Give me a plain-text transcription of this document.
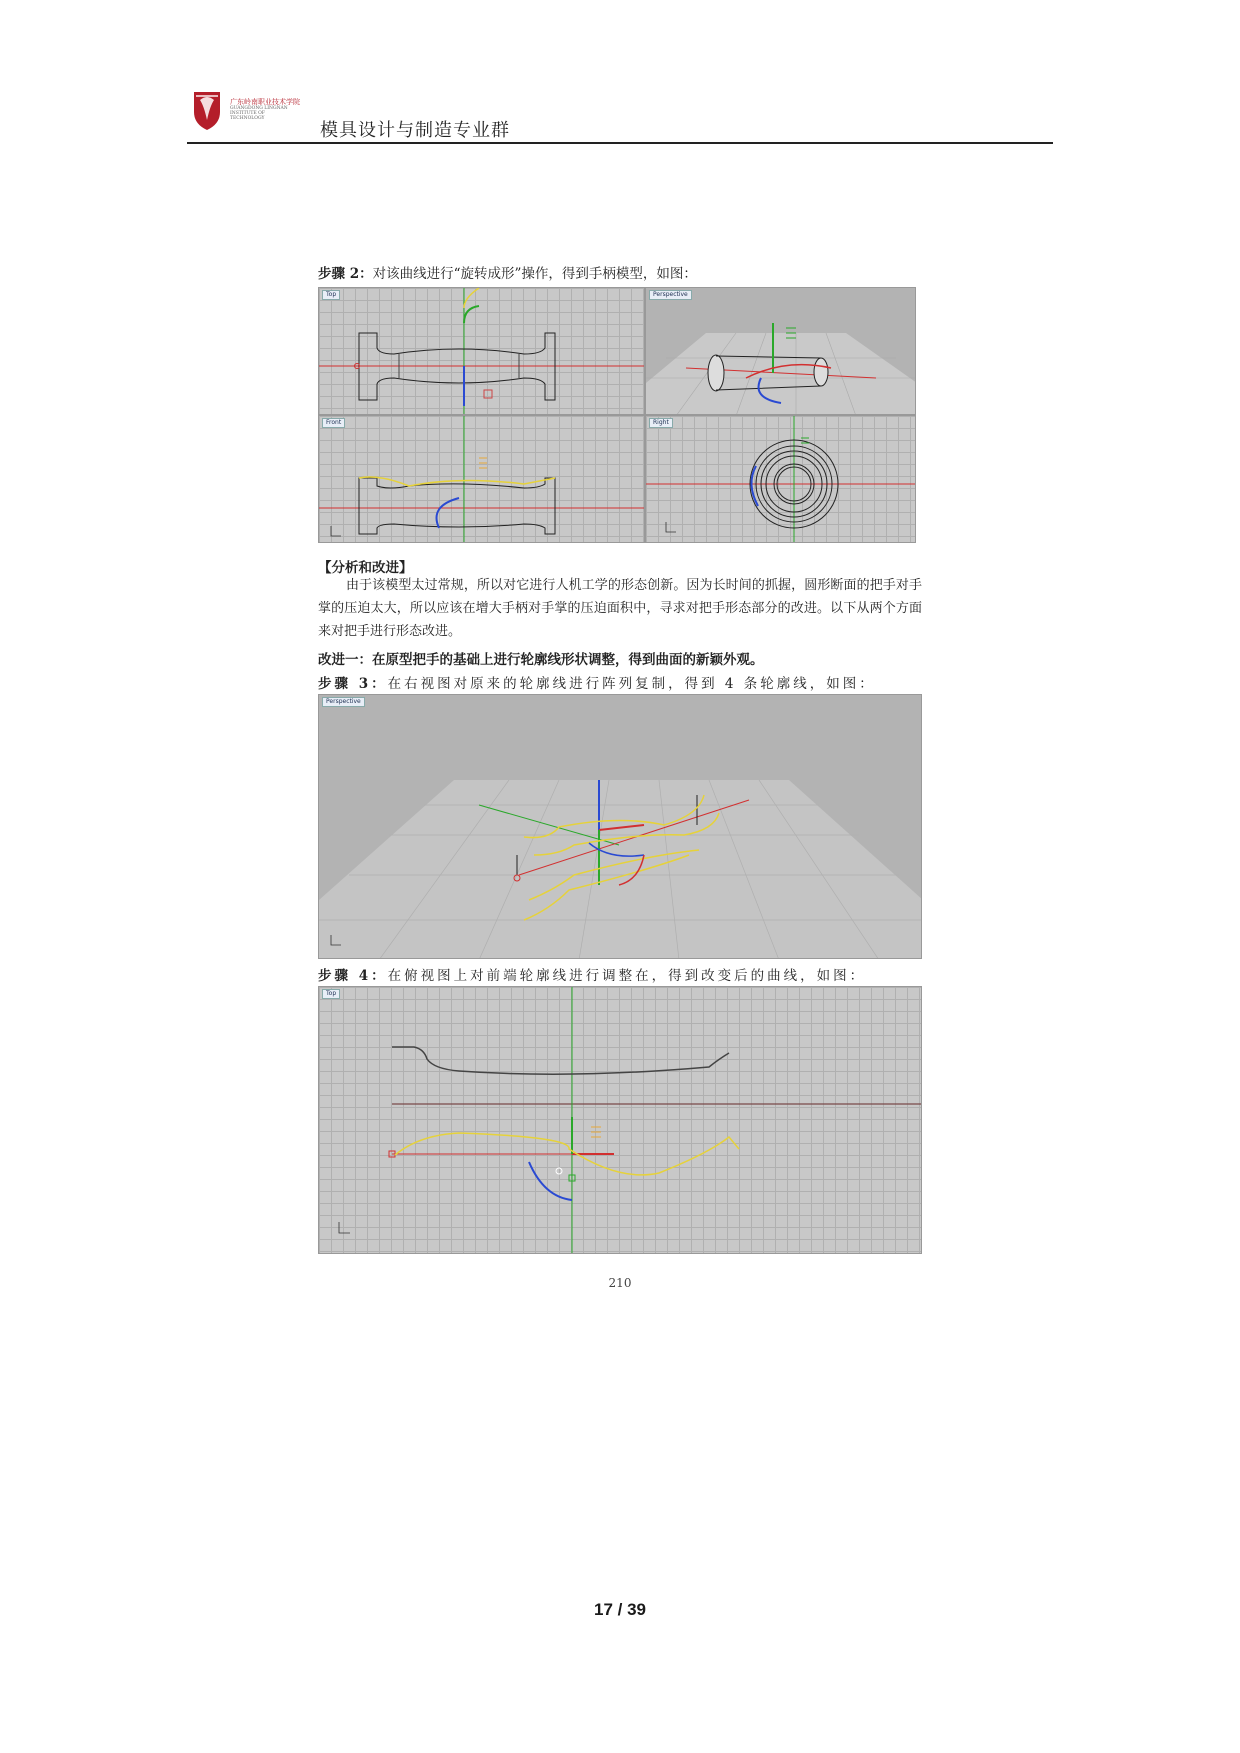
广东岭南职业技术学院
GUANGDONG LINGNAN INSTITUTE OF TECHNOLOGY
模具设计与制造专业群
步骤 2：对该曲线进行“旋转成形”操作，得到手柄模型，如图：
Top	Perspective
Front	Right
【分析和改进】
由于该模型太过常规，所以对它进行人机工学的形态创新。因为长时间的抓握，圆形断面的把手对手掌的压迫太大，所以应该在增大手柄对手掌的压迫面积中，寻求对把手形态部分的改进。以下从两个方面来对把手进行形态改进。
改进一：在原型把手的基础上进行轮廓线形状调整，得到曲面的新颖外观。
步骤 3：在右视图对原来的轮廓线进行阵列复制，得到 4 条轮廓线，如图：
Perspective
步骤 4：在俯视图上对前端轮廓线进行调整在，得到改变后的曲线，如图：
Top
210
17 / 39
